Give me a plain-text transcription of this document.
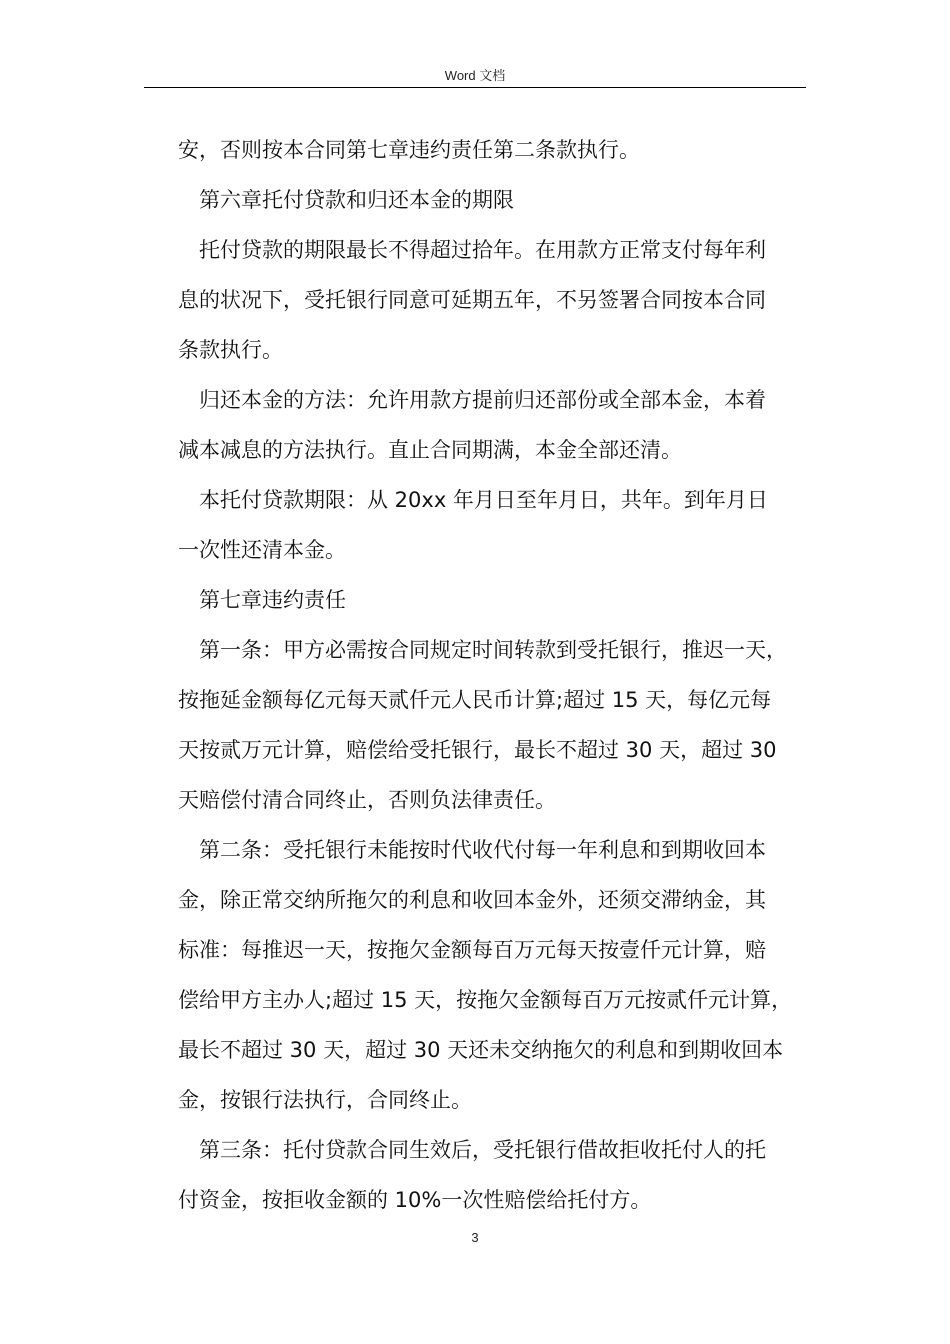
Word 文档

安，否则按本合同第七章违约责任第二条款执行。

第六章托付贷款和归还本金的期限

托付贷款的期限最长不得超过拾年。在用款方正常支付每年利
息的状况下，受托银行同意可延期五年，不另签署合同按本合同
条款执行。

归还本金的方法：允许用款方提前归还部份或全部本金，本着
减本减息的方法执行。直止合同期满，本金全部还清。

本托付贷款期限：从 20xx 年月日至年月日，共年。到年月日
一次性还清本金。

第七章违约责任

第一条：甲方必需按合同规定时间转款到受托银行，推迟一天，
按拖延金额每亿元每天贰仟元人民币计算;超过 15 天，每亿元每
天按贰万元计算，赔偿给受托银行，最长不超过 30 天，超过 30
天赔偿付清合同终止，否则负法律责任。

第二条：受托银行未能按时代收代付每一年利息和到期收回本
金，除正常交纳所拖欠的利息和收回本金外，还须交滞纳金，其
标准：每推迟一天，按拖欠金额每百万元每天按壹仟元计算，赔
偿给甲方主办人;超过 15 天，按拖欠金额每百万元按贰仟元计算，
最长不超过 30 天，超过 30 天还未交纳拖欠的利息和到期收回本
金，按银行法执行，合同终止。

第三条：托付贷款合同生效后，受托银行借故拒收托付人的托
付资金，按拒收金额的 10%一次性赔偿给托付方。

3
